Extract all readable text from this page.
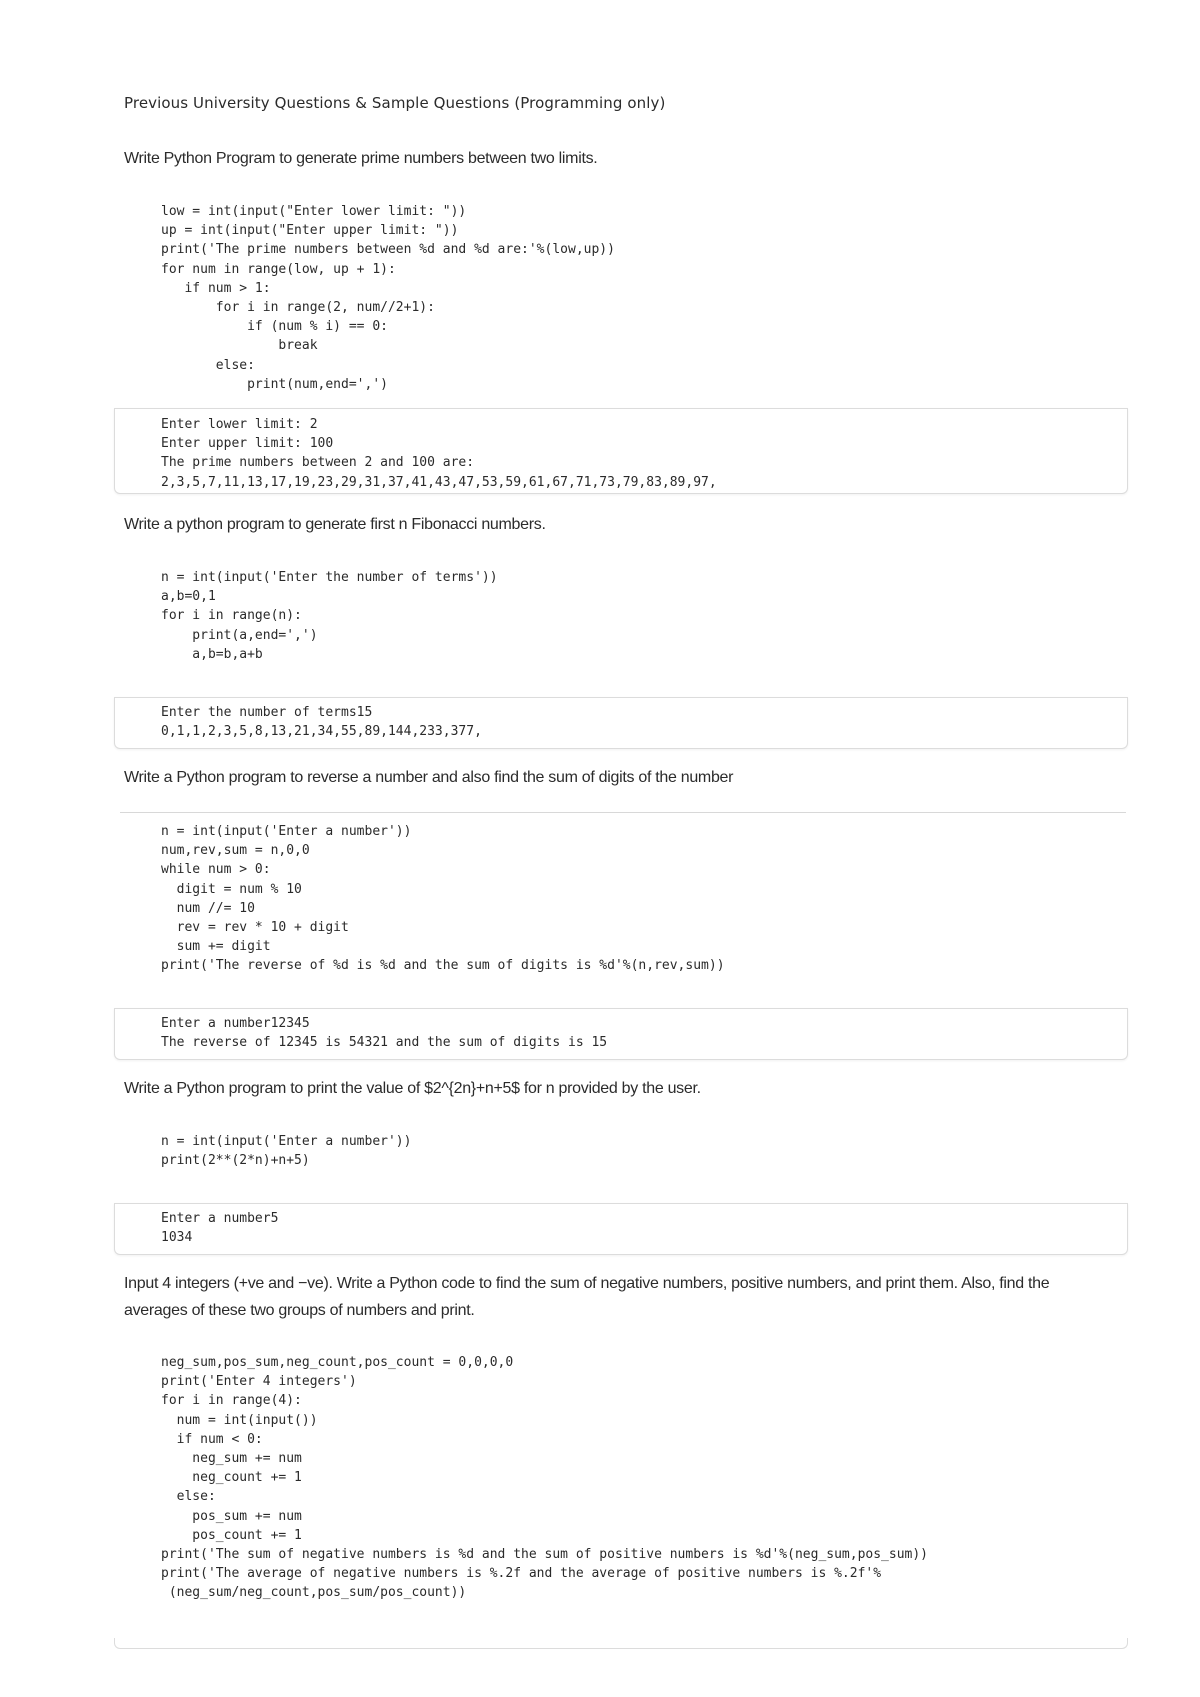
Previous University Questions & Sample Questions (Programming only)
Write Python Program to generate prime numbers between two limits.
low = int(input("Enter lower limit: "))
up = int(input("Enter upper limit: "))
print('The prime numbers between %d and %d are:'%(low,up))
for num in range(low, up + 1):
if num > 1:
for i in range(2, num//2+1):
if (num % i) == 0:
break
else:
print(num,end=',')
Enter lower limit: 2
Enter upper limit: 100
The prime numbers between 2 and 100 are:
2,3,5,7,11,13,17,19,23,29,31,37,41,43,47,53,59,61,67,71,73,79,83,89,97,
Write a python program to generate first n Fibonacci numbers.
n = int(input('Enter the number of terms'))
a,b=0,1
for i in range(n):
print(a,end=',')
a,b=b,a+b
Enter the number of terms15
0,1,1,2,3,5,8,13,21,34,55,89,144,233,377,
Write a Python program to reverse a number and also find the sum of digits of the number
n = int(input('Enter a number'))
num,rev,sum = n,0,0
while num > 0:
digit = num % 10
num //= 10
rev = rev * 10 + digit
sum += digit
print('The reverse of %d is %d and the sum of digits is %d'%(n,rev,sum))
Enter a number12345
The reverse of 12345 is 54321 and the sum of digits is 15
Write a Python program to print the value of $2^{2n}+n+5$ for n provided by the user.
n = int(input('Enter a number'))
print(2**(2*n)+n+5)
Enter a number5
1034
Input 4 integers (+ve and −ve). Write a Python code to find the sum of negative numbers, positive numbers, and print them. Also, find the averages of these two groups of numbers and print.
neg_sum,pos_sum,neg_count,pos_count = 0,0,0,0
print('Enter 4 integers')
for i in range(4):
num = int(input())
if num < 0:
neg_sum += num
neg_count += 1
else:
pos_sum += num
pos_count += 1
print('The sum of negative numbers is %d and the sum of positive numbers is %d'%(neg_sum,pos_sum))
print('The average of negative numbers is %.2f and the average of positive numbers is %.2f'%
(neg_sum/neg_count,pos_sum/pos_count))
